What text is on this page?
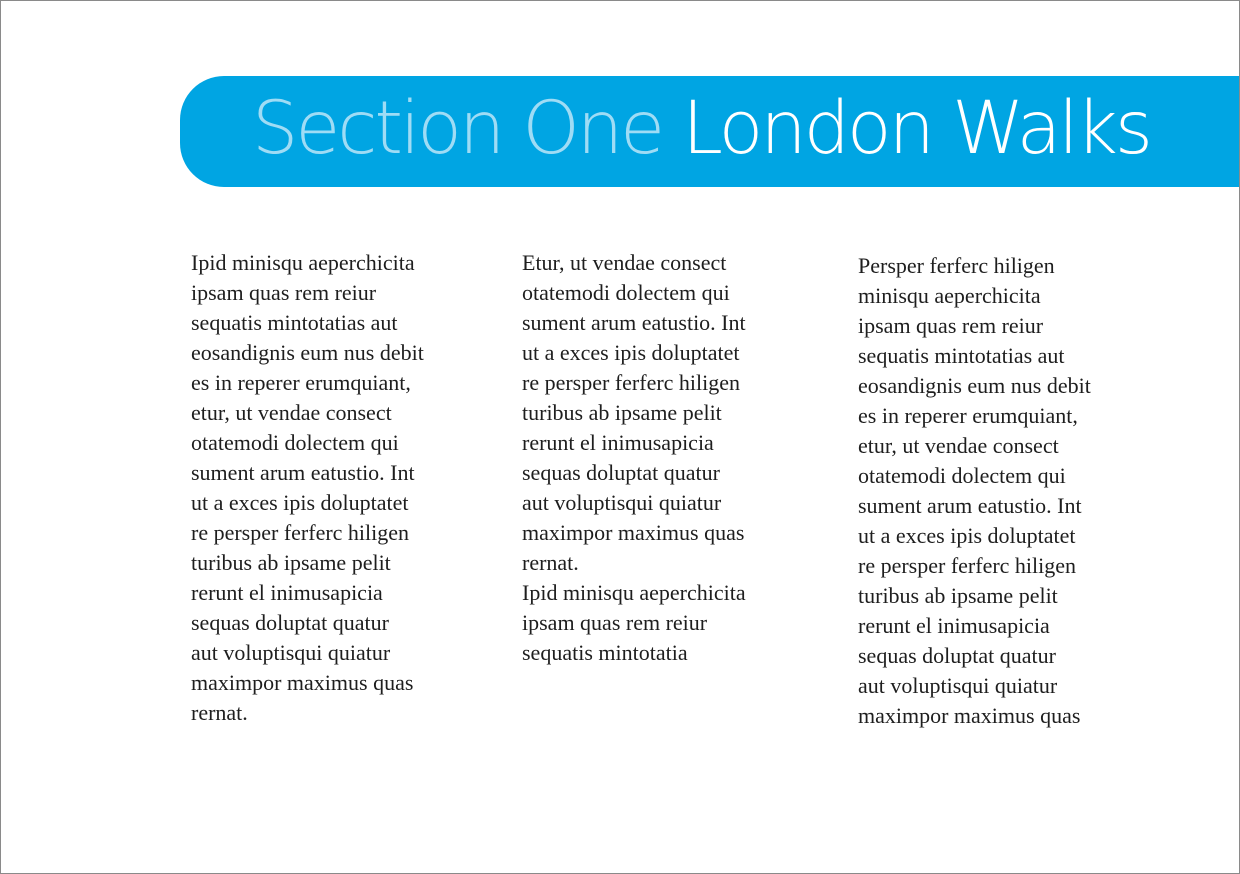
Section One London Walks

Ipid minisqu aeperchicita
ipsam quas rem reiur
sequatis mintotatias aut
eosandignis eum nus debit
es in reperer erumquiant,
etur, ut vendae consect
otatemodi dolectem qui
sument arum eatustio. Int
ut a exces ipis doluptatet
re persper ferferc hiligen
turibus ab ipsame pelit
rerunt el inimusapicia
sequas doluptat quatur
aut voluptisqui quiatur
maximpor maximus quas
rernat.

Etur, ut vendae consect
otatemodi dolectem qui
sument arum eatustio. Int
ut a exces ipis doluptatet
re persper ferferc hiligen
turibus ab ipsame pelit
rerunt el inimusapicia
sequas doluptat quatur
aut voluptisqui quiatur
maximpor maximus quas
rernat.
Ipid minisqu aeperchicita
ipsam quas rem reiur
sequatis mintotatia

Persper ferferc hiligen
minisqu aeperchicita
ipsam quas rem reiur
sequatis mintotatias aut
eosandignis eum nus debit
es in reperer erumquiant,
etur, ut vendae consect
otatemodi dolectem qui
sument arum eatustio. Int
ut a exces ipis doluptatet
re persper ferferc hiligen
turibus ab ipsame pelit
rerunt el inimusapicia
sequas doluptat quatur
aut voluptisqui quiatur
maximpor maximus quas
